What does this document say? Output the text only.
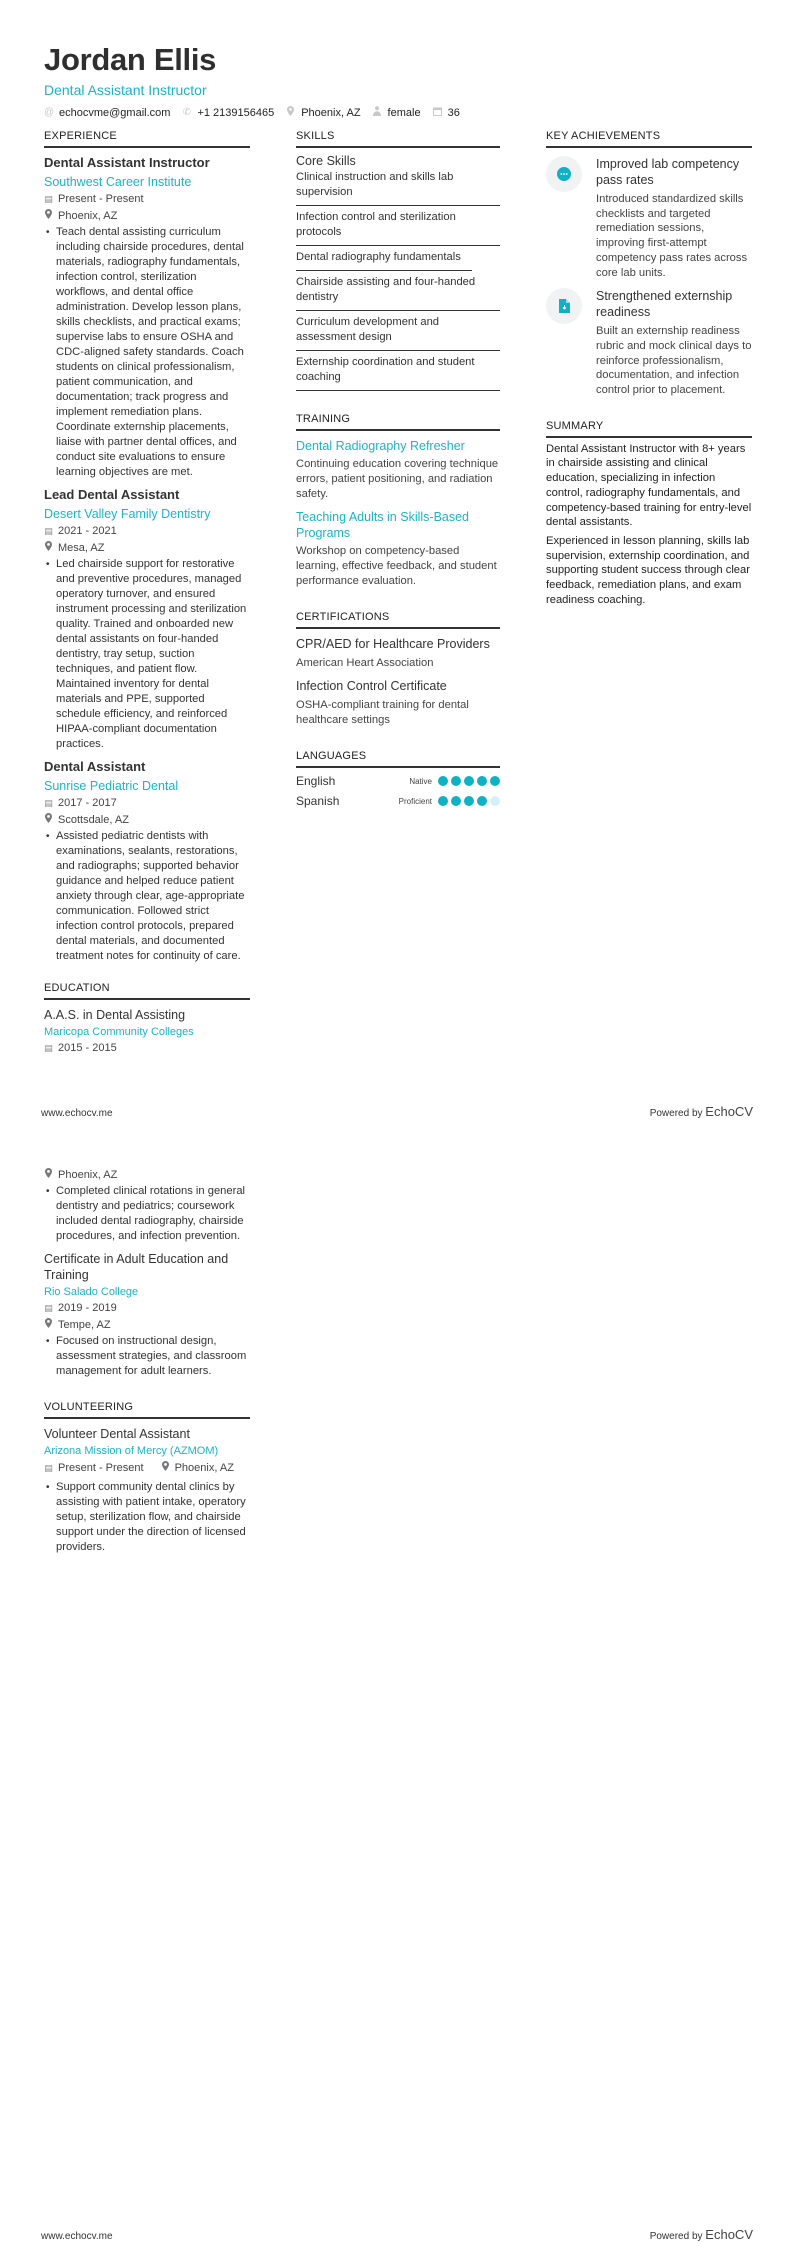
Jordan Ellis
Dental Assistant Instructor
@ echocvme@gmail.com ✆ +1 2139156465 Phoenix, AZ female 36
EXPERIENCE
Dental Assistant Instructor
Southwest Career Institute
▤ Present - Present
Phoenix, AZ
• Teach dental assisting curriculum including chairside procedures, dental materials, radiography fundamentals, infection control, sterilization workflows, and dental office administration. Develop lesson plans, skills checklists, and practical exams; supervise labs to ensure OSHA and CDC-aligned safety standards. Coach students on clinical professionalism, patient communication, and documentation; track progress and implement remediation plans. Coordinate externship placements, liaise with partner dental offices, and conduct site evaluations to ensure learning objectives are met.
Lead Dental Assistant
Desert Valley Family Dentistry
▤ 2021 - 2021
Mesa, AZ
• Led chairside support for restorative and preventive procedures, managed operatory turnover, and ensured instrument processing and sterilization quality. Trained and onboarded new dental assistants on four-handed dentistry, tray setup, suction techniques, and patient flow. Maintained inventory for dental materials and PPE, supported schedule efficiency, and reinforced HIPAA-compliant documentation practices.
Dental Assistant
Sunrise Pediatric Dental
▤ 2017 - 2017
Scottsdale, AZ
• Assisted pediatric dentists with examinations, sealants, restorations, and radiographs; supported behavior guidance and helped reduce patient anxiety through clear, age-appropriate communication. Followed strict infection control protocols, prepared dental materials, and documented treatment notes for continuity of care.
EDUCATION
A.A.S. in Dental Assisting
Maricopa Community Colleges
▤ 2015 - 2015
SKILLS
Core Skills
Clinical instruction and skills lab supervision
Infection control and sterilization protocols
Dental radiography fundamentals
Chairside assisting and four-handed dentistry
Curriculum development and assessment design
Externship coordination and student coaching
TRAINING
Dental Radiography Refresher
Continuing education covering technique errors, patient positioning, and radiation safety.
Teaching Adults in Skills-Based Programs
Workshop on competency-based learning, effective feedback, and student performance evaluation.
CERTIFICATIONS
CPR/AED for Healthcare Providers
American Heart Association
Infection Control Certificate
OSHA-compliant training for dental healthcare settings
LANGUAGES
English	Native
Spanish	Proficient
KEY ACHIEVEMENTS
Improved lab competency pass rates
Introduced standardized skills checklists and targeted remediation sessions, improving first-attempt competency pass rates across core lab units.
Strengthened externship readiness
Built an externship readiness rubric and mock clinical days to reinforce professionalism, documentation, and infection control prior to placement.
SUMMARY

Dental Assistant Instructor with 8+ years in chairside assisting and clinical education, specializing in infection control, radiography fundamentals, and competency-based training for entry-level dental assistants.

Experienced in lesson planning, skills lab supervision, externship coordination, and supporting student success through clear feedback, remediation plans, and exam readiness coaching.

www.echocv.me	Powered by EchoCV
Phoenix, AZ
• Completed clinical rotations in general dentistry and pediatrics; coursework included dental radiography, chairside procedures, and infection prevention.
Certificate in Adult Education and Training
Rio Salado College
▤ 2019 - 2019
Tempe, AZ
• Focused on instructional design, assessment strategies, and classroom management for adult learners.
VOLUNTEERING
Volunteer Dental Assistant
Arizona Mission of Mercy (AZMOM)
▤ Present - Present	Phoenix, AZ
• Support community dental clinics by assisting with patient intake, operatory setup, sterilization flow, and chairside support under the direction of licensed providers.
www.echocv.me	Powered by EchoCV
